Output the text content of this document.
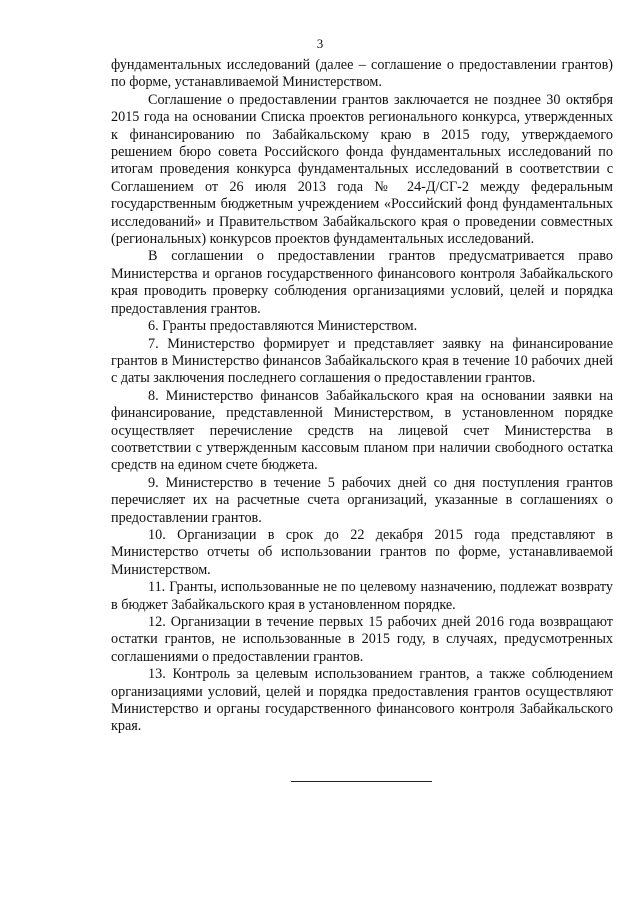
3

фундаментальных исследований (далее – соглашение о предоставлении грантов) по форме, устанавливаемой Министерством.

Соглашение о предоставлении грантов заключается не позднее 30 октября 2015 года на основании Списка проектов регионального конкурса, утвержденных к финансированию по Забайкальскому краю в 2015 году, утверждаемого решением бюро совета Российского фонда фундаментальных исследований по итогам проведения конкурса фундаментальных исследований в соответствии с Соглашением от 26 июля 2013 года № 24-Д/СГ-2 между федеральным государственным бюджетным учреждением «Российский фонд фундаментальных исследований» и Правительством Забайкальского края о проведении совместных (региональных) конкурсов проектов фундаментальных исследований.

В соглашении о предоставлении грантов предусматривается право Министерства и органов государственного финансового контроля Забайкальского края проводить проверку соблюдения организациями условий, целей и порядка предоставления грантов.

6. Гранты предоставляются Министерством.

7. Министерство формирует и представляет заявку на финансирование грантов в Министерство финансов Забайкальского края в течение 10 рабочих дней с даты заключения последнего соглашения о предоставлении грантов.

8. Министерство финансов Забайкальского края на основании заявки на финансирование, представленной Министерством, в установленном порядке осуществляет перечисление средств на лицевой счет Министерства в соответствии с утвержденным кассовым планом при наличии свободного остатка средств на едином счете бюджета.

9. Министерство в течение 5 рабочих дней со дня поступления грантов перечисляет их на расчетные счета организаций, указанные в соглашениях о предоставлении грантов.

10. Организации в срок до 22 декабря 2015 года представляют в Министерство отчеты об использовании грантов по форме, устанавливаемой Министерством.

11. Гранты, использованные не по целевому назначению, подлежат возврату в бюджет Забайкальского края в установленном порядке.

12. Организации в течение первых 15 рабочих дней 2016 года возвращают остатки грантов, не использованные в 2015 году, в случаях, предусмотренных соглашениями о предоставлении грантов.

13. Контроль за целевым использованием грантов, а также соблюдением организациями условий, целей и порядка предоставления грантов осуществляют Министерство и органы государственного финансового контроля Забайкальского края.
